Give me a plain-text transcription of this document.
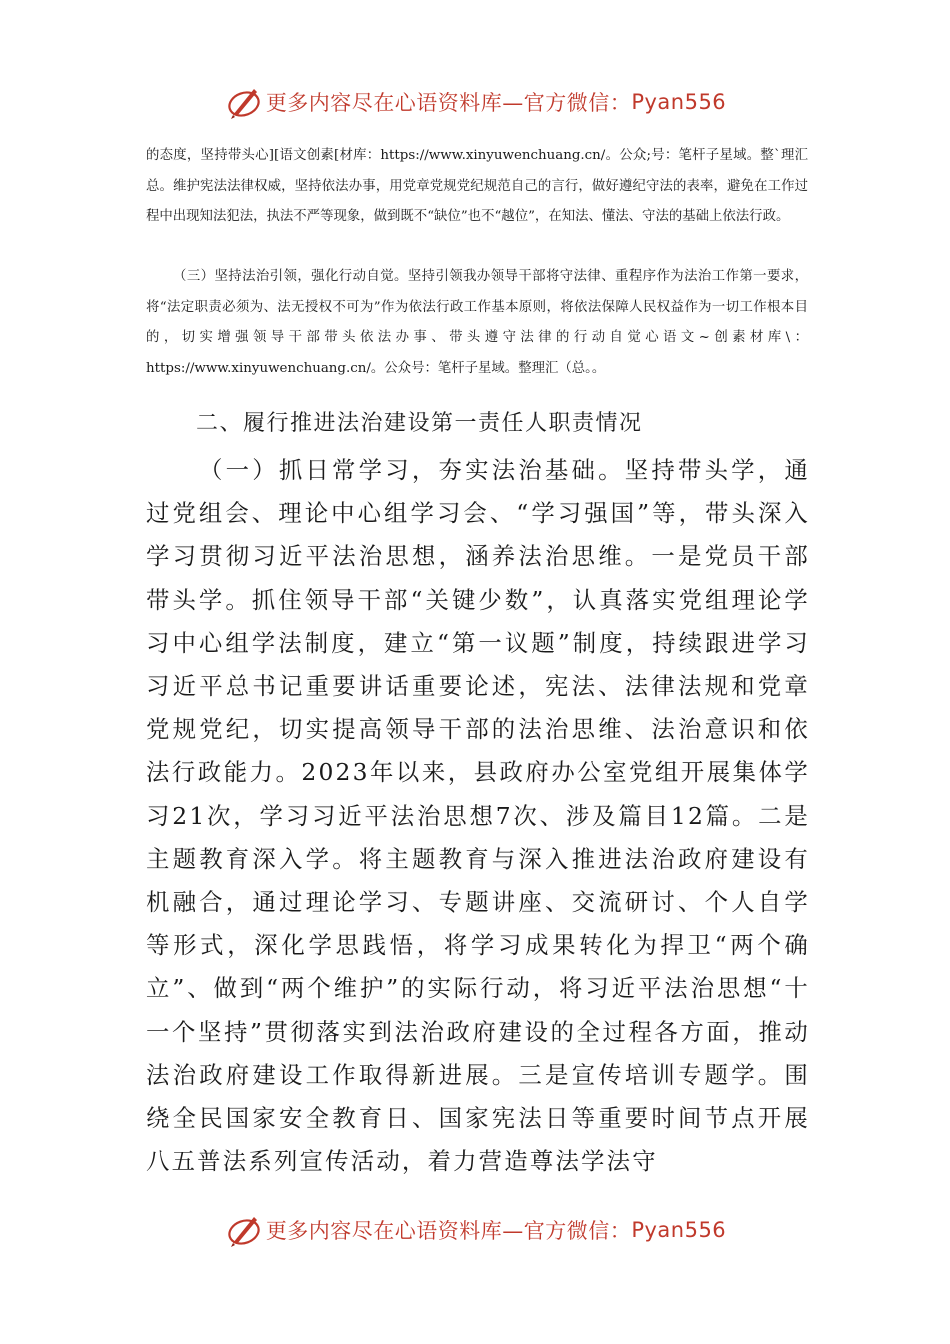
更多内容尽在心语资料库—官方微信： Pyan556

的态度，坚持带头心][语文创素[材库：https://www.xinyuwenchuang.cn/。公众;号：笔杆子星域。整`理汇总。维护宪法法律权威，坚持依法办事，用党章党规党纪规范自己的言行，做好遵纪守法的表率，避免在工作过程中出现知法犯法，执法不严等现象，做到既不“缺位”也不“越位”，在知法、懂法、守法的基础上依法行政。

（三）坚持法治引领，强化行动自觉。坚持引领我办领导干部将守法律、重程序作为法治工作第一要求，将“法定职责必须为、法无授权不可为”作为依法行政工作基本原则，将依法保障人民权益作为一切工作根本目的，切实增强领导干部带头依法办事、带头遵守法律的行动自觉心语文~创素材库\：https://www.xinyuwenchuang.cn/。公众号：笔杆子星域。整理汇（总。。

二、履行推进法治建设第一责任人职责情况

（一）抓日常学习，夯实法治基础。坚持带头学，通过党组会、理论中心组学习会、“学习强国”等，带头深入学习贯彻习近平法治思想，涵养法治思维。一是党员干部带头学。抓住领导干部“关键少数”，认真落实党组理论学习中心组学法制度，建立“第一议题”制度，持续跟进学习习近平总书记重要讲话重要论述，宪法、法律法规和党章党规党纪，切实提高领导干部的法治思维、法治意识和依法行政能力。2023年以来，县政府办公室党组开展集体学习21次，学习习近平法治思想7次、涉及篇目12篇。二是主题教育深入学。将主题教育与深入推进法治政府建设有机融合，通过理论学习、专题讲座、交流研讨、个人自学等形式，深化学思践悟，将学习成果转化为捍卫“两个确立”、做到“两个维护”的实际行动，将习近平法治思想“十一个坚持”贯彻落实到法治政府建设的全过程各方面，推动法治政府建设工作取得新进展。三是宣传培训专题学。围绕全民国家安全教育日、国家宪法日等重要时间节点开展八五普法系列宣传活动，着力营造尊法学法守

更多内容尽在心语资料库—官方微信： Pyan556
